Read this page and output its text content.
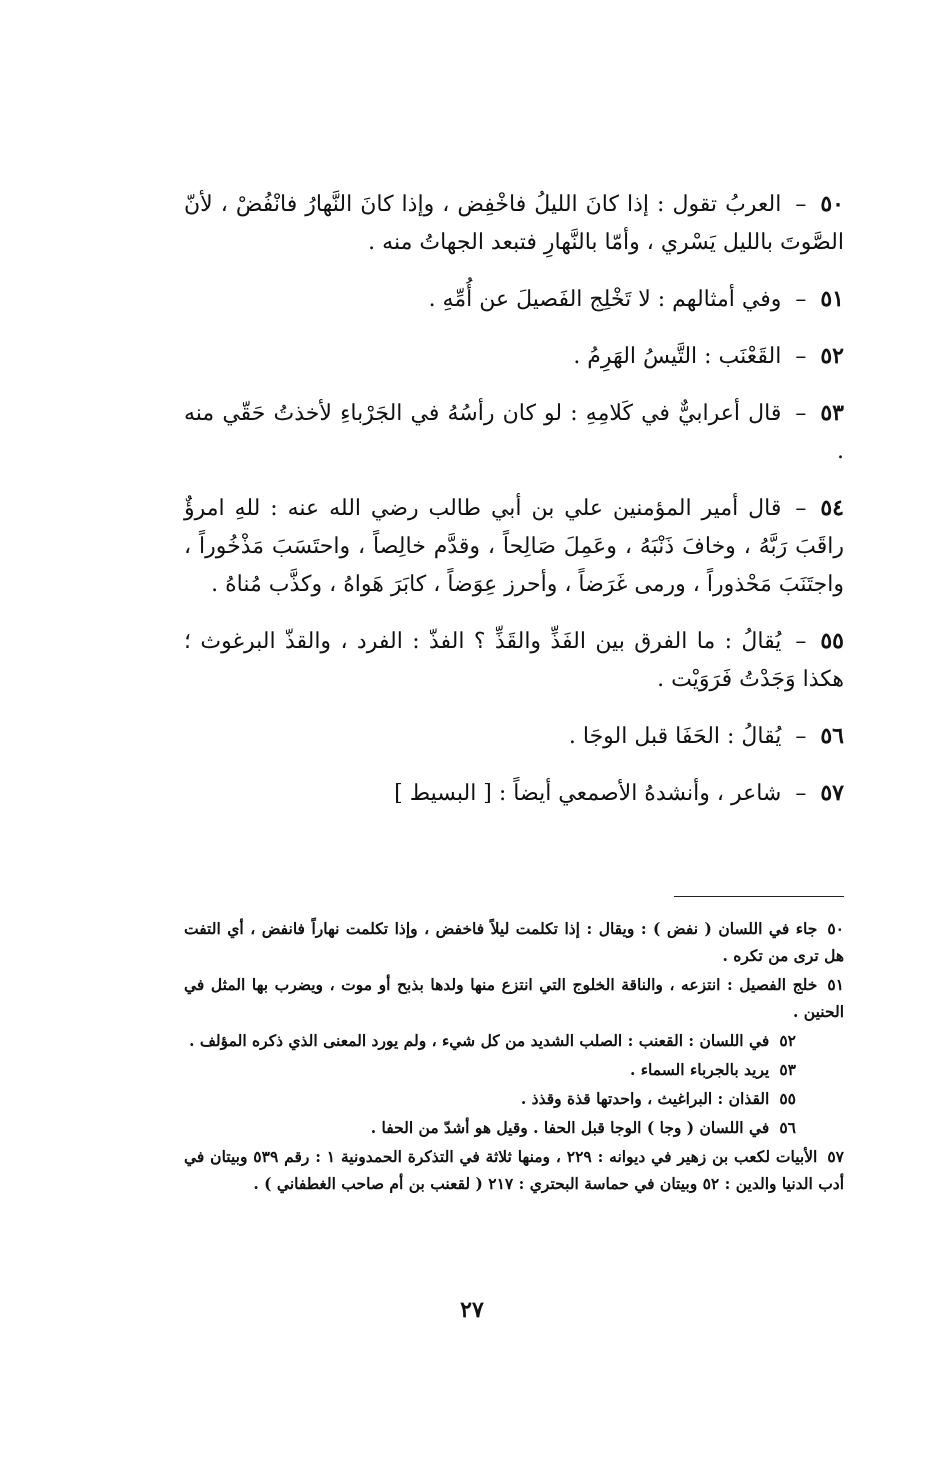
٥٠–العربُ تقول : إذا كانَ الليلُ فاخْفِض ، وإذا كانَ النَّهارُ فانْفُضْ ، لأنّ الصَّوتَ بالليل يَسْري ، وأمّا بالنَّهارِ فتبعد الجهاتُ منه .

٥١–وفي أمثالهم : لا تَخْلِج الفَصيلَ عن أُمِّهِ .

٥٢–القَعْنَب : التَّيسُ الهَرِمُ .

٥٣–قال أعرابيٌّ في كَلامِهِ : لو كان رأسُهُ في الجَرْباءِ لأخذتُ حَقّي منه .

٥٤–قال أمير المؤمنين علي بن أبي طالب رضي الله عنه : للهِ امرؤٌ راقَبَ رَبَّهُ ، وخافَ ذَنْبَهُ ، وعَمِلَ صَالِحاً ، وقدَّم خالِصاً ، واحتَسَبَ مَذْخُوراً ، واجتَنَبَ مَحْذوراً ، ورمى غَرَضاً ، وأحرز عِوَضاً ، كابَرَ هَواهُ ، وكذَّب مُناهُ .

٥٥–يُقالُ : ما الفرق بين الفَذِّ والقَذِّ ؟ الفذّ : الفرد ، والقذّ البرغوث ؛ هكذا وَجَدْتُ فَرَوَيْت .

٥٦–يُقالُ : الحَفَا قبل الوجَا .

٥٧–شاعر ، وأنشدهُ الأصمعي أيضاً : [ البسيط ]

٥٠جاء في اللسان ( نفض ) : ويقال : إذا تكلمت ليلاً فاخفض ، وإذا تكلمت نهاراً فانفض ، أي التفت هل ترى من تكره .

٥١خلج الفصيل : انتزعه ، والناقة الخلوج التي انتزع منها ولدها بذبح أو موت ، ويضرب بها المثل في الحنين .

٥٢في اللسان : القعنب : الصلب الشديد من كل شيء ، ولم يورد المعنى الذي ذكره المؤلف .

٥٣يريد بالجرباء السماء .

٥٥القذان : البراغيث ، واحدتها قذة وقذذ .

٥٦في اللسان ( وجا ) الوجا قبل الحفا . وقيل هو أشدّ من الحفا .

٥٧الأبيات لكعب بن زهير في ديوانه : ٢٢٩ ، ومنها ثلاثة في التذكرة الحمدونية ١ : رقم ٥٣٩ وبيتان في أدب الدنيا والدين : ٥٢ وبيتان في حماسة البحتري : ٢١٧ ( لقعنب بن أم صاحب الغطفاني ) .

٢٧
